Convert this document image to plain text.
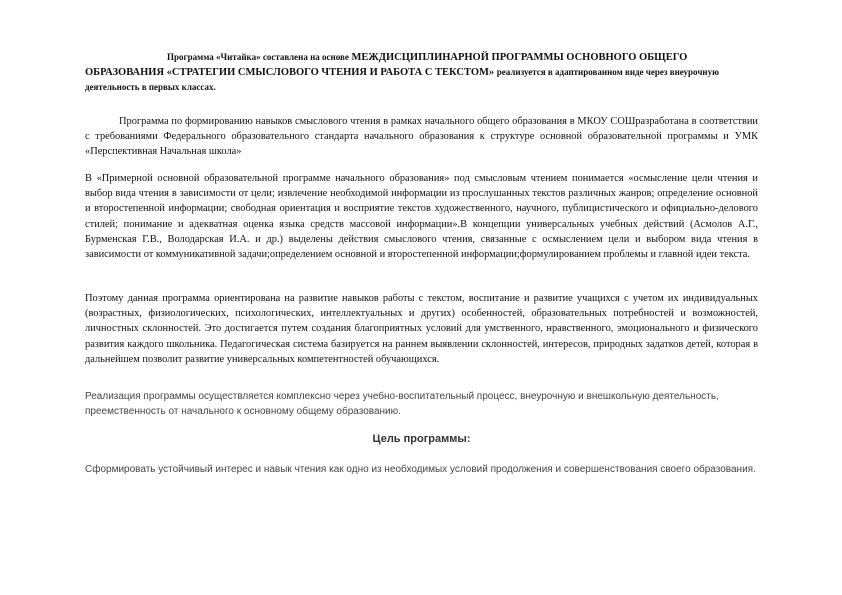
Программа «Читайка» составлена на основе МЕЖДИСЦИПЛИНАРНОЙ ПРОГРАММЫ ОСНОВНОГО ОБЩЕГО ОБРАЗОВАНИЯ «СТРАТЕГИИ СМЫСЛОВОГО ЧТЕНИЯ И РАБОТА С ТЕКСТОМ» реализуется в адаптированном виде через внеурочную деятельность в первых классах.

Программа по формированию навыков смыслового чтения в рамках начального общего образования в МКОУ СОШразработана в соответствии с требованиями Федерального образовательного стандарта начального образования к структуре основной образовательной программы и УМК «Перспективная Начальная школа»

В «Примерной основной образовательной программе начального образования» под смысловым чтением понимается «осмысление цели чтения и выбор вида чтения в зависимости от цели; извлечение необходимой информации из прослушанных текстов различных жанров; определение основной и второстепенной информации; свободная ориентация и восприятие текстов художественного, научного, публицистического и официально-делового стилей; понимание и адекватная оценка языка средств массовой информации».В концепции универсальных учебных действий (Асмолов А.Г., Бурменская Г.В., Володарская И.А. и др.) выделены действия смыслового чтения, связанные с осмыслением цели и выбором вида чтения в зависимости от коммуникативной задачи;определением основной и второстепенной информации;формулированием проблемы и главной идеи текста.

Поэтому данная программа ориентирована на развитие навыков работы с текстом, воспитание и развитие учащихся с учетом их индивидуальных (возрастных, физиологических, психологических, интеллектуальных и других) особенностей, образовательных потребностей и возможностей, личностных склонностей. Это достигается путем создания благоприятных условий для умственного, нравственного, эмоционального и физического развития каждого школьника. Педагогическая система базируется на раннем выявлении склонностей, интересов, природных задатков детей, которая в дальнейшем позволит развитие универсальных компетентностей обучающихся.

Реализация программы осуществляется комплексно через учебно-воспитательный процесс, внеурочную и внешкольную деятельность, преемственность от начального к основному общему образованию.

Цель программы:

Сформировать устойчивый интерес и навык чтения как одно из необходимых условий продолжения и совершенствования своего образования.
